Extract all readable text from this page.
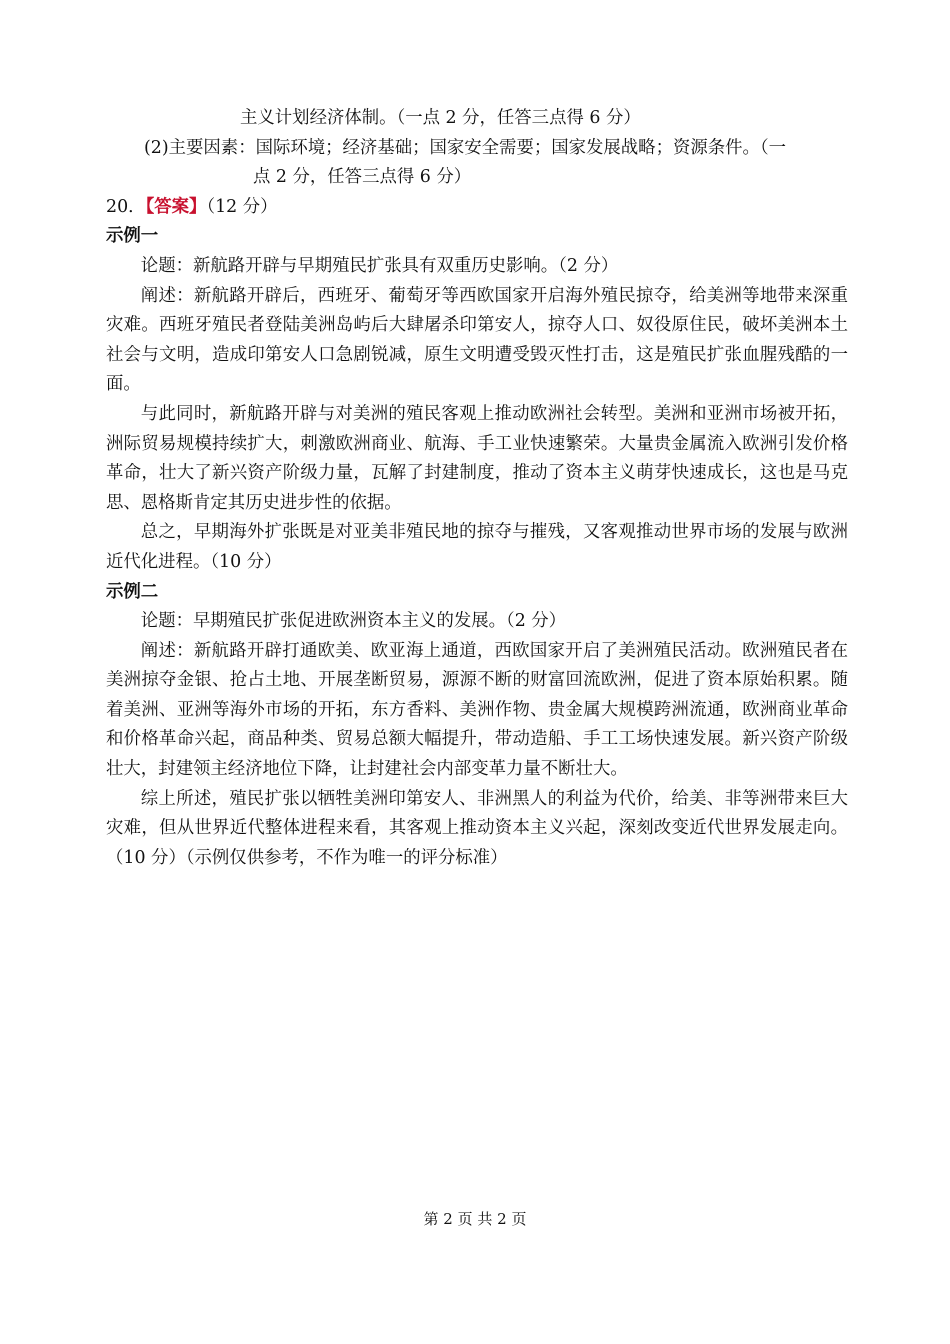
主义计划经济体制。（一点 2 分，任答三点得 6 分）

(2)主要因素：国际环境；经济基础；国家安全需要；国家发展战略；资源条件。（一

点 2 分，任答三点得 6 分）

20．【答案】（12 分）

示例一

论题：新航路开辟与早期殖民扩张具有双重历史影响。（2 分）

阐述：新航路开辟后，西班牙、葡萄牙等西欧国家开启海外殖民掠夺，给美洲等地带来深重灾难。西班牙殖民者登陆美洲岛屿后大肆屠杀印第安人，掠夺人口、奴役原住民，破坏美洲本土社会与文明，造成印第安人口急剧锐减，原生文明遭受毁灭性打击，这是殖民扩张血腥残酷的一面。

与此同时，新航路开辟与对美洲的殖民客观上推动欧洲社会转型。美洲和亚洲市场被开拓，洲际贸易规模持续扩大，刺激欧洲商业、航海、手工业快速繁荣。大量贵金属流入欧洲引发价格革命，壮大了新兴资产阶级力量，瓦解了封建制度，推动了资本主义萌芽快速成长，这也是马克思、恩格斯肯定其历史进步性的依据。

总之，早期海外扩张既是对亚美非殖民地的掠夺与摧残，又客观推动世界市场的发展与欧洲近代化进程。（10 分）

示例二

论题：早期殖民扩张促进欧洲资本主义的发展。（2 分）

阐述：新航路开辟打通欧美、欧亚海上通道，西欧国家开启了美洲殖民活动。欧洲殖民者在美洲掠夺金银、抢占土地、开展垄断贸易，源源不断的财富回流欧洲，促进了资本原始积累。随着美洲、亚洲等海外市场的开拓，东方香料、美洲作物、贵金属大规模跨洲流通，欧洲商业革命和价格革命兴起，商品种类、贸易总额大幅提升，带动造船、手工工场快速发展。新兴资产阶级壮大，封建领主经济地位下降，让封建社会内部变革力量不断壮大。

综上所述，殖民扩张以牺牲美洲印第安人、非洲黑人的利益为代价，给美、非等洲带来巨大灾难，但从世界近代整体进程来看，其客观上推动资本主义兴起，深刻改变近代世界发展走向。（10 分）（示例仅供参考，不作为唯一的评分标准）

第 2 页 共 2 页
